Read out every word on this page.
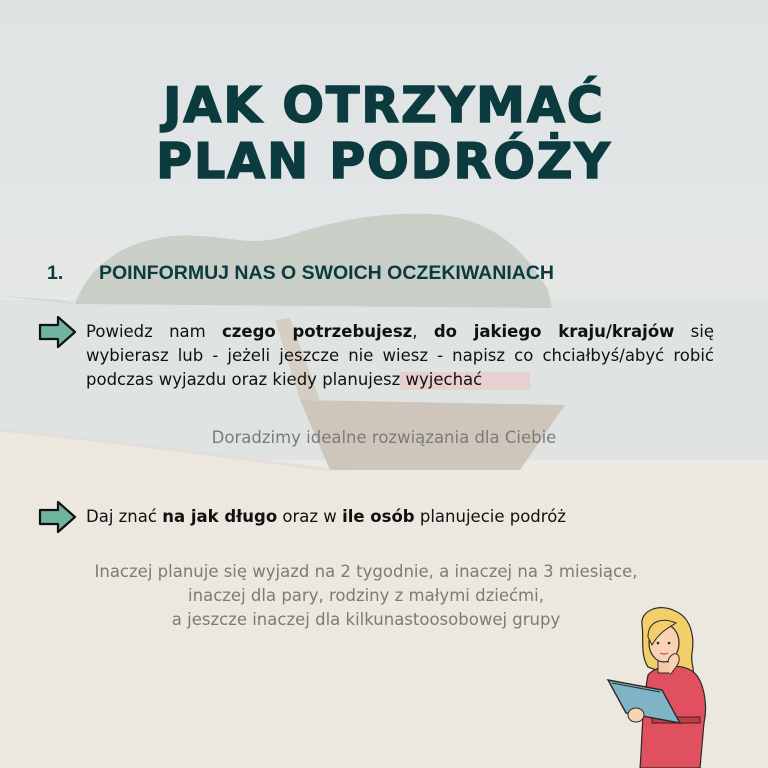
JAK OTRZYMAĆ
PLAN PODRÓŻY
1.	POINFORMUJ NAS O SWOICH OCZEKIWANIACH
Powiedz nam czego potrzebujesz, do jakiego kraju/krajów się wybierasz lub - jeżeli jeszcze nie wiesz - napisz co chciałbyś/abyć robić podczas wyjazdu oraz kiedy planujesz wyjechać
Doradzimy idealne rozwiązania dla Ciebie
Daj znać na jak długo oraz w ile osób planujecie podróż
Inaczej planuje się wyjazd na 2 tygodnie, a inaczej na 3 miesiące,
inaczej dla pary, rodziny z małymi dziećmi,
a jeszcze inaczej dla kilkunastoosobowej grupy
